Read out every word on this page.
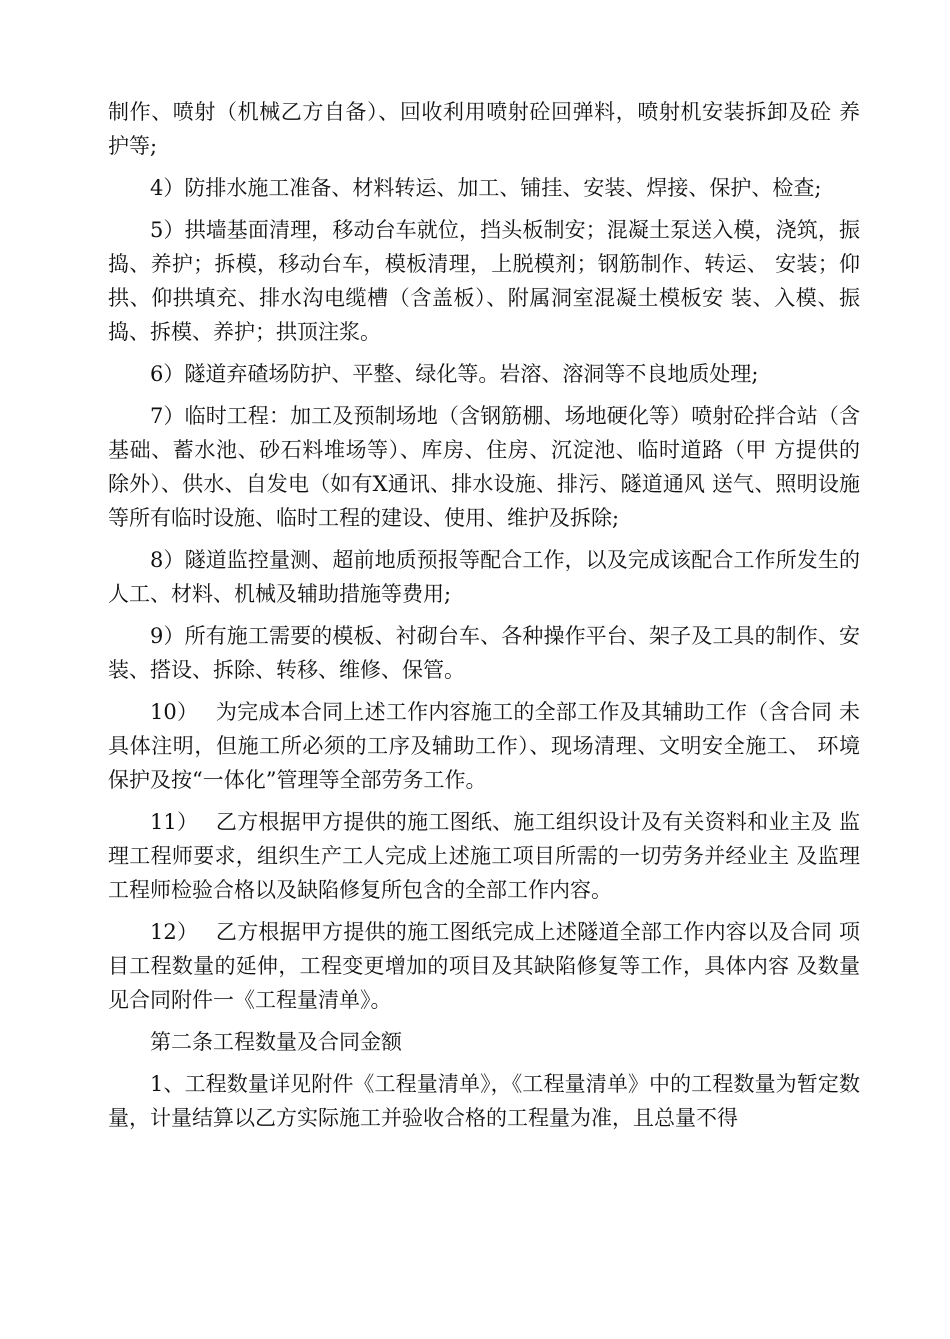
制作、喷射（机械乙方自备）、回收利用喷射砼回弹料，喷射机安装拆卸及砼 养护等;

4）防排水施工准备、材料转运、加工、铺挂、安装、焊接、保护、检查;

5）拱墙基面清理，移动台车就位，挡头板制安；混凝土泵送入模，浇筑，振捣、养护；拆模，移动台车，模板清理，上脱模剂；钢筋制作、转运、 安装；仰拱、仰拱填充、排水沟电缆槽（含盖板）、附属洞室混凝土模板安 装、入模、振捣、拆模、养护；拱顶注浆。

6）隧道弃碴场防护、平整、绿化等。岩溶、溶洞等不良地质处理;

7）临时工程：加工及预制场地（含钢筋棚、场地硬化等）喷射砼拌合站（含基础、蓄水池、砂石料堆场等）、库房、住房、沉淀池、临时道路（甲 方提供的除外）、供水、自发电（如有X通讯、排水设施、排污、隧道通风 送气、照明设施等所有临时设施、临时工程的建设、使用、维护及拆除;

8）隧道监控量测、超前地质预报等配合工作，以及完成该配合工作所发生的人工、材料、机械及辅助措施等费用;

9）所有施工需要的模板、衬砌台车、各种操作平台、架子及工具的制作、安装、搭设、拆除、转移、维修、保管。

10）　 为完成本合同上述工作内容施工的全部工作及其辅助工作（含合同 未具体注明，但施工所必须的工序及辅助工作）、现场清理、文明安全施工、 环境保护及按“一体化”管理等全部劳务工作。

11）　 乙方根据甲方提供的施工图纸、施工组织设计及有关资料和业主及 监理工程师要求，组织生产工人完成上述施工项目所需的一切劳务并经业主 及监理工程师检验合格以及缺陷修复所包含的全部工作内容。

12）　 乙方根据甲方提供的施工图纸完成上述隧道全部工作内容以及合同 项目工程数量的延伸，工程变更增加的项目及其缺陷修复等工作，具体内容 及数量见合同附件一《工程量清单》。

第二条工程数量及合同金额

1、工程数量详见附件《工程量清单》，《工程量清单》中的工程数量为暂定数量，计量结算以乙方实际施工并验收合格的工程量为准，且总量不得
